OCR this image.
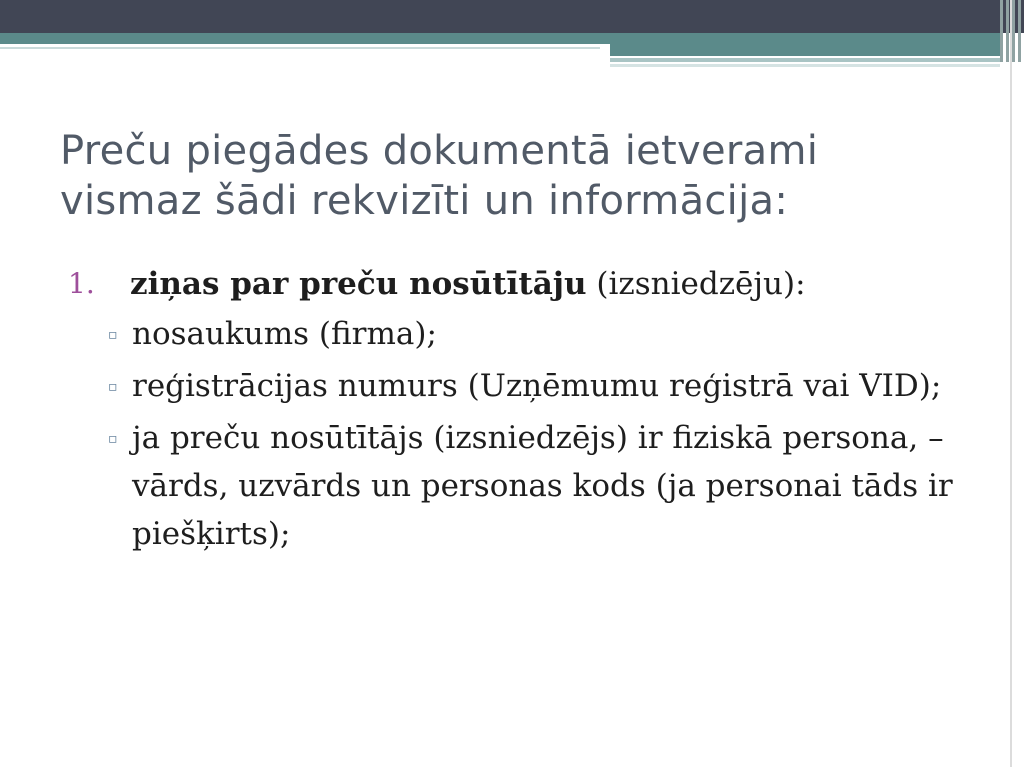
Preču piegādes dokumentā ietverami
vismaz šādi rekvizīti un informācija:
1. ziņas par preču nosūtītāju (izsniedzēju):
▫ nosaukums (firma);
▫ reģistrācijas numurs (Uzņēmumu reģistrā vai VID);
▫ ja preču nosūtītājs (izsniedzējs) ir fiziskā persona, – vārds, uzvārds un personas kods (ja personai tāds ir piešķirts);
